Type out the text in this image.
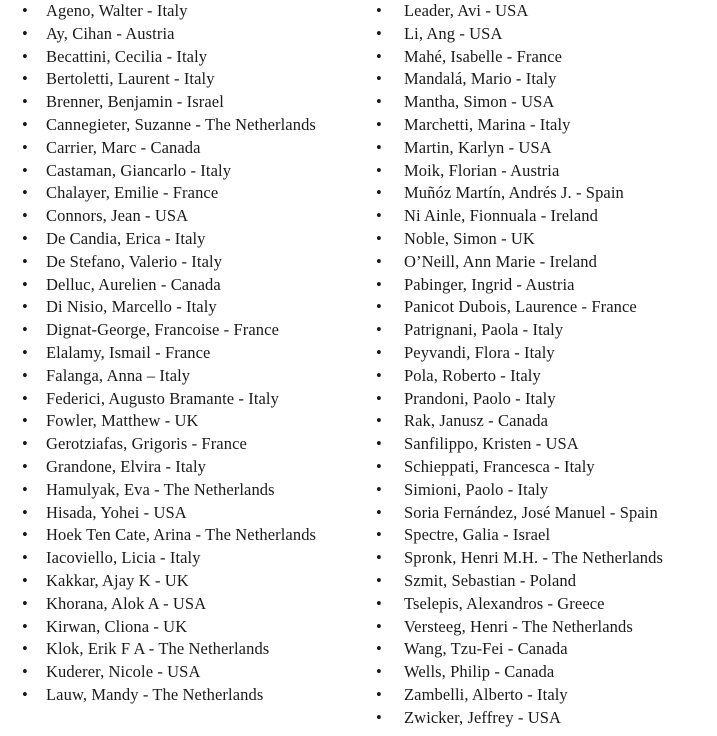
• Ageno, Walter - Italy
• Ay, Cihan - Austria
• Becattini, Cecilia - Italy
• Bertoletti, Laurent - Italy
• Brenner, Benjamin - Israel
• Cannegieter, Suzanne - The Netherlands
• Carrier, Marc - Canada
• Castaman, Giancarlo - Italy
• Chalayer, Emilie - France
• Connors, Jean - USA
• De Candia, Erica - Italy
• De Stefano, Valerio - Italy
• Delluc, Aurelien - Canada
• Di Nisio, Marcello - Italy
• Dignat-George, Francoise - France
• Elalamy, Ismail - France
• Falanga, Anna – Italy
• Federici, Augusto Bramante - Italy
• Fowler, Matthew - UK
• Gerotziafas, Grigoris - France
• Grandone, Elvira - Italy
• Hamulyak, Eva - The Netherlands
• Hisada, Yohei - USA
• Hoek Ten Cate, Arina - The Netherlands
• Iacoviello, Licia - Italy
• Kakkar, Ajay K - UK
• Khorana, Alok A - USA
• Kirwan, Cliona - UK
• Klok, Erik F A - The Netherlands
• Kuderer, Nicole - USA
• Lauw, Mandy - The Netherlands
• Leader, Avi - USA
• Li, Ang - USA
• Mahé, Isabelle - France
• Mandalá, Mario - Italy
• Mantha, Simon - USA
• Marchetti, Marina - Italy
• Martin, Karlyn - USA
• Moik, Florian - Austria
• Muñóz Martín, Andrés J. - Spain
• Ni Ainle, Fionnuala - Ireland
• Noble, Simon - UK
• O’Neill, Ann Marie - Ireland
• Pabinger, Ingrid - Austria
• Panicot Dubois, Laurence - France
• Patrignani, Paola - Italy
• Peyvandi, Flora - Italy
• Pola, Roberto - Italy
• Prandoni, Paolo - Italy
• Rak, Janusz - Canada
• Sanfilippo, Kristen - USA
• Schieppati, Francesca - Italy
• Simioni, Paolo - Italy
• Soria Fernández, José Manuel - Spain
• Spectre, Galia - Israel
• Spronk, Henri M.H. - The Netherlands
• Szmit, Sebastian - Poland
• Tselepis, Alexandros - Greece
• Versteeg, Henri - The Netherlands
• Wang, Tzu-Fei - Canada
• Wells, Philip - Canada
• Zambelli, Alberto - Italy
• Zwicker, Jeffrey - USA
